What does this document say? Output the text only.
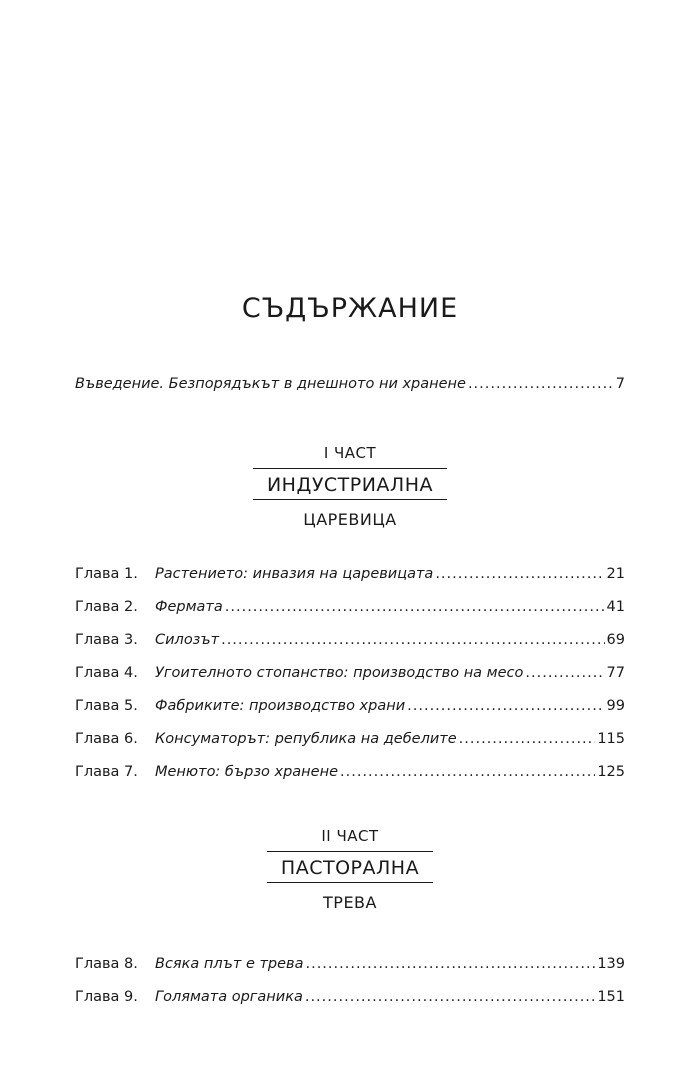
СЪДЪРЖАНИЕ
Въведение. Безпорядъкът в днешното ни хранене .....	7
I ЧАСТ
ИНДУСТРИАЛНА
ЦАРЕВИЦА
Глава 1.	Растението: инвазия на царевицата .....	21
Глава 2.	Фермата .....	41
Глава 3.	Силозът .....	69
Глава 4.	Угоителното стопанство: производство на месо .....	77
Глава 5.	Фабриките: производство храни .....	99
Глава 6.	Консуматорът: република на дебелите .....	115
Глава 7.	Менюто: бързо хранене .....	125
II ЧАСТ
ПАСТОРАЛНА
ТРЕВА
Глава 8.	Всяка плът е трева .....	139
Глава 9.	Голямата органика .....	151
